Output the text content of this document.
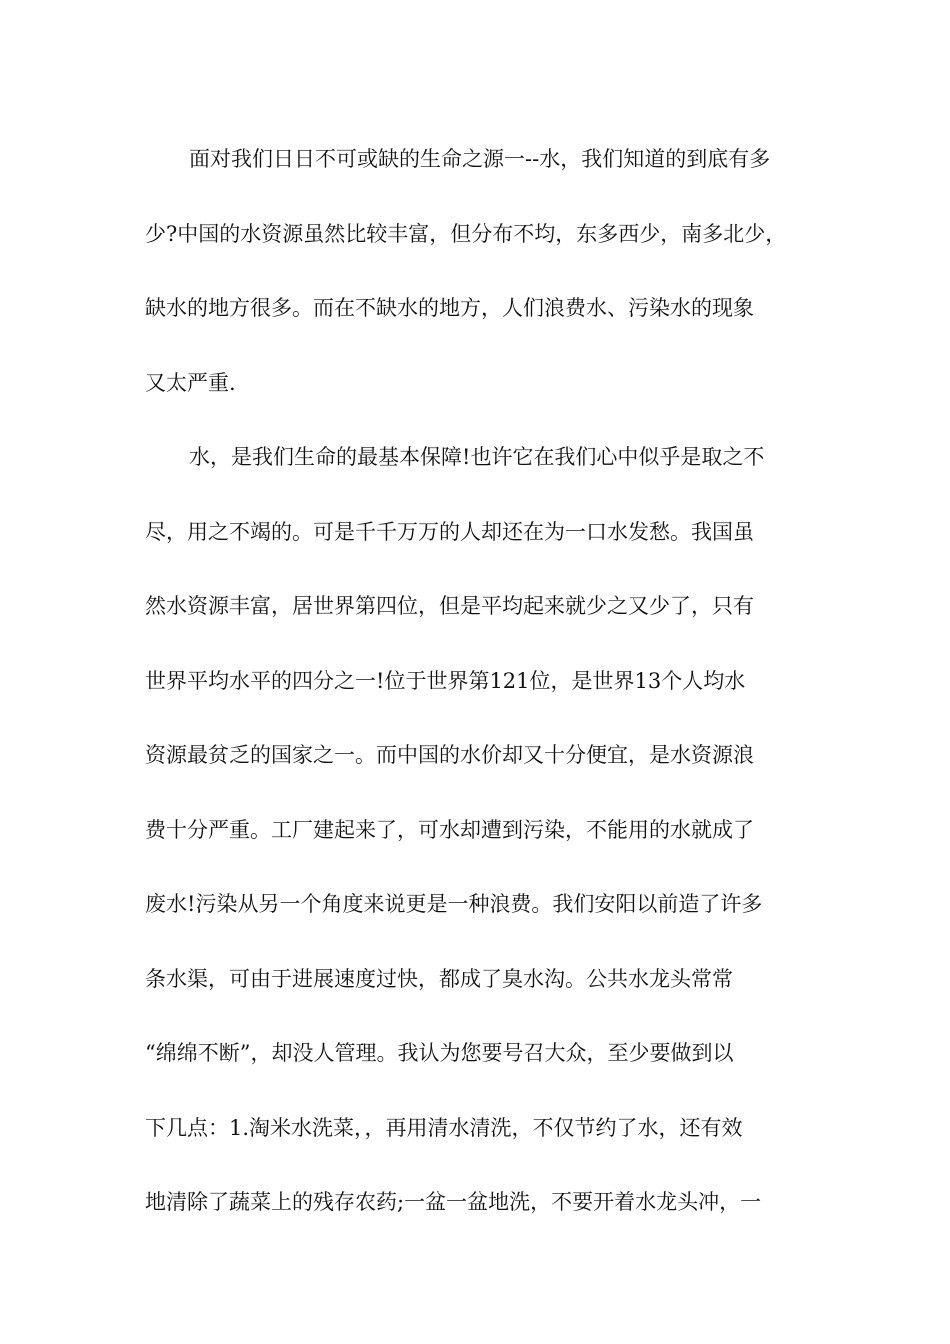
面对我们日日不可或缺的生命之源一--水，我们知道的到底有多
少?中国的水资源虽然比较丰富，但分布不均，东多西少，南多北少，
缺水的地方很多。而在不缺水的地方，人们浪费水、污染水的现象
又太严重.
水，是我们生命的最基本保障!也许它在我们心中似乎是取之不
尽，用之不竭的。可是千千万万的人却还在为一口水发愁。我国虽
然水资源丰富，居世界第四位，但是平均起来就少之又少了，只有
世界平均水平的四分之一!位于世界第121位，是世界13个人均水
资源最贫乏的国家之一。而中国的水价却又十分便宜，是水资源浪
费十分严重。工厂建起来了，可水却遭到污染，不能用的水就成了
废水!污染从另一个角度来说更是一种浪费。我们安阳以前造了许多
条水渠，可由于进展速度过快，都成了臭水沟。公共水龙头常常
“绵绵不断”，却没人管理。我认为您要号召大众，至少要做到以
下几点：1.淘米水洗菜，，再用清水清洗，不仅节约了水，还有效
地清除了蔬菜上的残存农药;一盆一盆地洗，不要开着水龙头冲，一
